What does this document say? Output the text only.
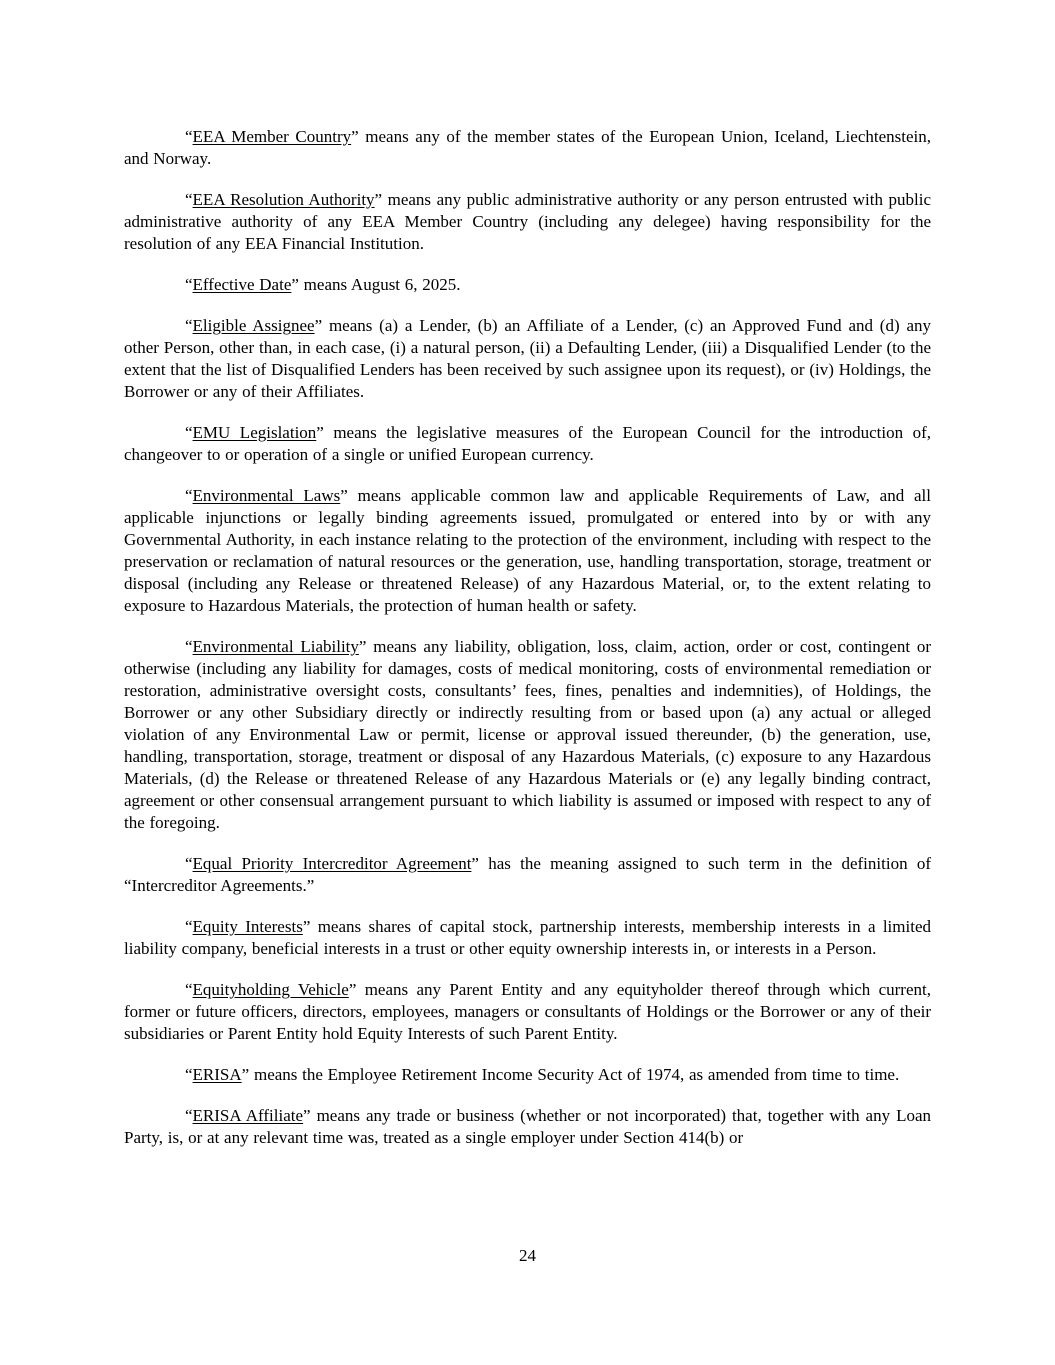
“EEA Member Country” means any of the member states of the European Union, Iceland, Liechtenstein, and Norway.

“EEA Resolution Authority” means any public administrative authority or any person entrusted with public administrative authority of any EEA Member Country (including any delegee) having responsibility for the resolution of any EEA Financial Institution.

“Effective Date” means August 6, 2025.

“Eligible Assignee” means (a) a Lender, (b) an Affiliate of a Lender, (c) an Approved Fund and (d) any other Person, other than, in each case, (i) a natural person, (ii) a Defaulting Lender, (iii) a Disqualified Lender (to the extent that the list of Disqualified Lenders has been received by such assignee upon its request), or (iv) Holdings, the Borrower or any of their Affiliates.

“EMU Legislation” means the legislative measures of the European Council for the introduction of, changeover to or operation of a single or unified European currency.

“Environmental Laws” means applicable common law and applicable Requirements of Law, and all applicable injunctions or legally binding agreements issued, promulgated or entered into by or with any Governmental Authority, in each instance relating to the protection of the environment, including with respect to the preservation or reclamation of natural resources or the generation, use, handling transportation, storage, treatment or disposal (including any Release or threatened Release) of any Hazardous Material, or, to the extent relating to exposure to Hazardous Materials, the protection of human health or safety.

“Environmental Liability” means any liability, obligation, loss, claim, action, order or cost, contingent or otherwise (including any liability for damages, costs of medical monitoring, costs of environmental remediation or restoration, administrative oversight costs, consultants’ fees, fines, penalties and indemnities), of Holdings, the Borrower or any other Subsidiary directly or indirectly resulting from or based upon (a) any actual or alleged violation of any Environmental Law or permit, license or approval issued thereunder, (b) the generation, use, handling, transportation, storage, treatment or disposal of any Hazardous Materials, (c) exposure to any Hazardous Materials, (d) the Release or threatened Release of any Hazardous Materials or (e) any legally binding contract, agreement or other consensual arrangement pursuant to which liability is assumed or imposed with respect to any of the foregoing.

“Equal Priority Intercreditor Agreement” has the meaning assigned to such term in the definition of “Intercreditor Agreements.”

“Equity Interests” means shares of capital stock, partnership interests, membership interests in a limited liability company, beneficial interests in a trust or other equity ownership interests in, or interests in a Person.

“Equityholding Vehicle” means any Parent Entity and any equityholder thereof through which current, former or future officers, directors, employees, managers or consultants of Holdings or the Borrower or any of their subsidiaries or Parent Entity hold Equity Interests of such Parent Entity.

“ERISA” means the Employee Retirement Income Security Act of 1974, as amended from time to time.

“ERISA Affiliate” means any trade or business (whether or not incorporated) that, together with any Loan Party, is, or at any relevant time was, treated as a single employer under Section 414(b) or

24
